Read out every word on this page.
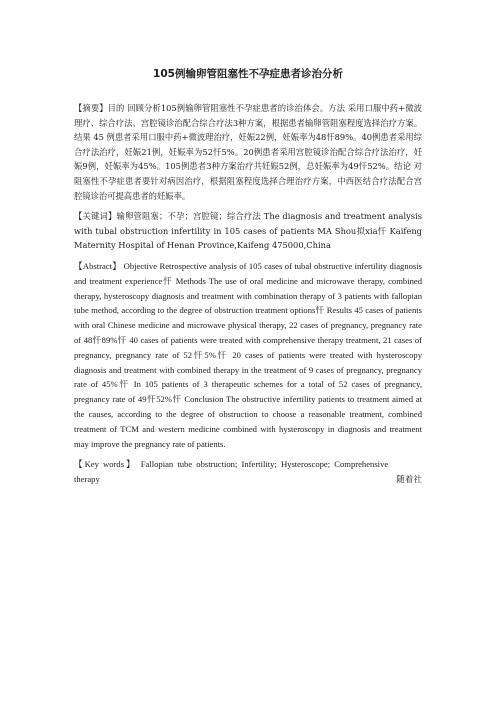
105例输卵管阻塞性不孕症患者诊治分析

【摘要】目的 回顾分析105例输卵管阻塞性不孕症患者的诊治体会。方法 采用口服中药+微波理疗、综合疗法、宫腔镜诊治配合综合疗法3种方案，根据患者输卵管阻塞程度选择治疗方案。结果 45 例患者采用口服中药+微波理治疗，妊娠22例，妊娠率为48忓89%。40例患者采用综合疗法治疗，妊娠21例，妊娠率为52忓5%。20例患者采用宫腔镜诊治配合综合疗法治疗，妊娠9例，妊娠率为45%。105例患者3种方案治疗共妊娠52例，总妊娠率为49忓52%。结论 对阻塞性不孕症患者要针对病因治疗，根据阻塞程度选择合理治疗方案，中西医结合疗法配合宫腔镜诊治可提高患者的妊娠率。

【关键词】输卵管阻塞；不孕；宫腔镜；综合疗法 The diagnosis and treatment analysis with tubal obstruction infertility in 105 cases of patients MA Shou拟xia忓 Kaifeng Maternity Hospital of Henan Province,Kaifeng 475000,China

【Abstract】 Objective Retrospective analysis of 105 cases of tubal obstructive infertility diagnosis and treatment experience忓 Methods The use of oral medicine and microwave therapy, combined therapy, hysteroscopy diagnosis and treatment with combination therapy of 3 patients with fallopian tube method, according to the degree of obstruction treatment options忓 Results 45 cases of patients with oral Chinese medicine and microwave physical therapy, 22 cases of pregnancy, pregnancy rate of 48忓89%忓 40 cases of patients were treated with comprehensive therapy treatment, 21 cases of pregnancy, pregnancy rate of 52忓5%忓 20 cases of patients were treated with hysteroscopy diagnosis and treatment with combined therapy in the treatment of 9 cases of pregnancy, pregnancy rate of 45%忓 In 105 patients of 3 therapeutic schemes for a total of 52 cases of pregnancy, pregnancy rate of 49忓52%忓 Conclusion The obstructive infertility patients to treatment aimed at the causes, according to the degree of obstruction to choose a reasonable treatment, combined treatment of TCM and western medicine combined with hysteroscopy in diagnosis and treatment may improve the pregnancy rate of patients.

【Key words】 Fallopian tube obstruction; Infertility; Hysteroscope; Comprehensive therapy	随着社
